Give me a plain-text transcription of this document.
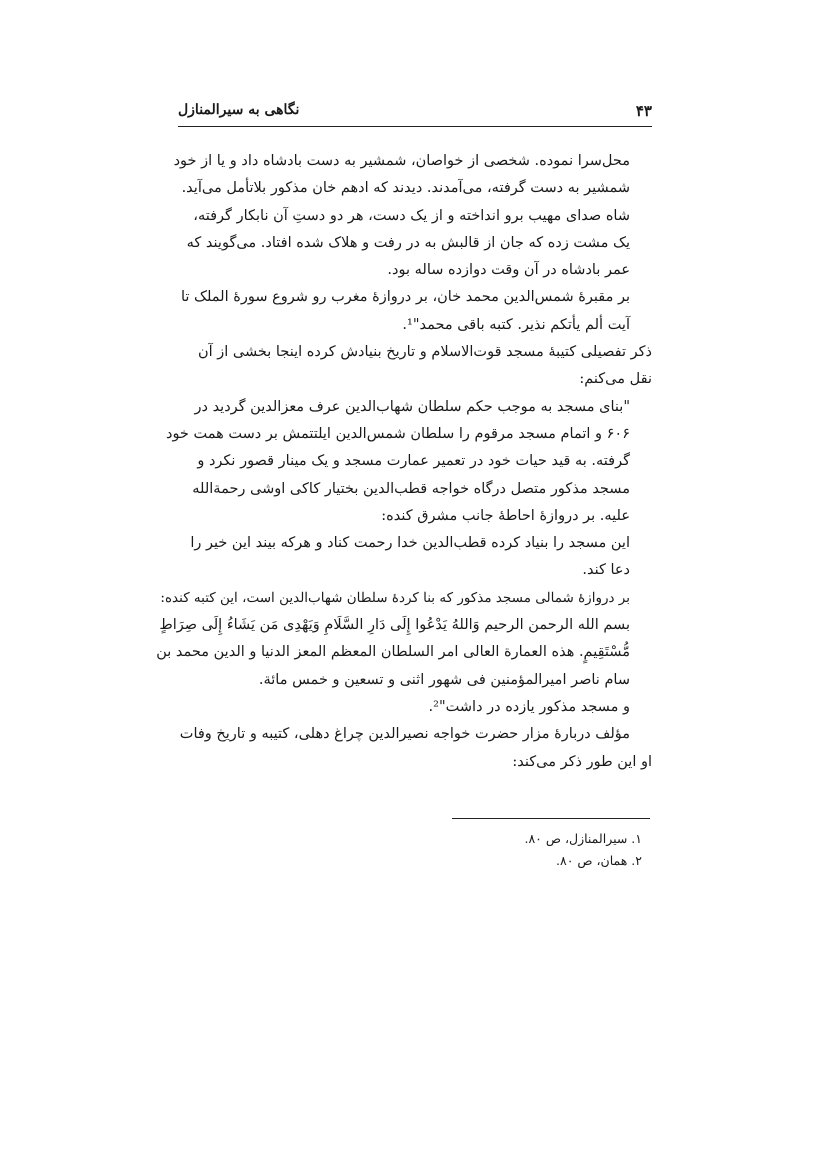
۴۳
نگاهی به سیرالمنازل
محل‌سرا نموده. شخصی از خواصان، شمشیر به دست بادشاه داد و یا از خود
شمشیر به دست گرفته، می‌آمدند. دیدند که ادهم خان مذکور بلاتأمل می‌آید.
شاه صدای مهیب برو انداخته و از یک دست، هر دو دستِ آن نابکار گرفته،
یک مشت زده که جان از قالبش به در رفت و هلاک شده افتاد. می‌گویند که
عمر بادشاه در آن وقت دوازده ساله بود.
بر مقبرهٔ شمس‌الدین محمد خان، بر دروازهٔ مغرب رو شروع سورهٔ الملک تا
آیت ألم یأتکم نذیر. کتبه باقی محمد"¹.
ذکر تفصیلی کتیبهٔ مسجد قوت‌الاسلام و تاریخ بنیادش کرده اینجا بخشی از آن
نقل می‌کنم:
"بنای مسجد به موجب حکم سلطان شهاب‌الدین عرف معزالدین گردید در
۶۰۶ و اتمام مسجد مرقوم را سلطان شمس‌الدین ایلتتمش بر دست همت خود
گرفته. به قید حیات خود در تعمیر عمارت مسجد و یک مینار قصور نکرد و
مسجد مذکور متصل درگاه خواجه قطب‌الدین بختیار کاکی اوشی رحمةالله
علیه. بر دروازهٔ احاطهٔ جانب مشرق کنده:
این مسجد را بنیاد کرده قطب‌الدین خدا رحمت کناد و هرکه بیند این خیر را
دعا کند.
بر دروازهٔ شمالی مسجد مذکور که بنا کردهٔ سلطان شهاب‌الدین است، این کتبه کنده:
بسم الله الرحمن الرحیم وَاللهُ یَدْعُوا إِلَی دَارِ السَّلَامِ وَیَهْدِی مَن یَشَاءُ إِلَی صِرَاطٍ
مُّسْتَقِیمٍ. هذه العمارة العالی امر السلطان المعظم المعز الدنیا و الدین محمد بن
سام ناصر امیرالمؤمنین فی شهور اثنی و تسعین و خمس مائة.
و مسجد مذکور یازده در داشت"².
مؤلف دربارهٔ مزار حضرت خواجه نصیرالدین چراغ دهلی، کتیبه و تاریخ وفات
او این طور ذکر می‌کند:
۱. سیرالمنازل، ص ۸۰.
۲. همان، ص ۸۰.
